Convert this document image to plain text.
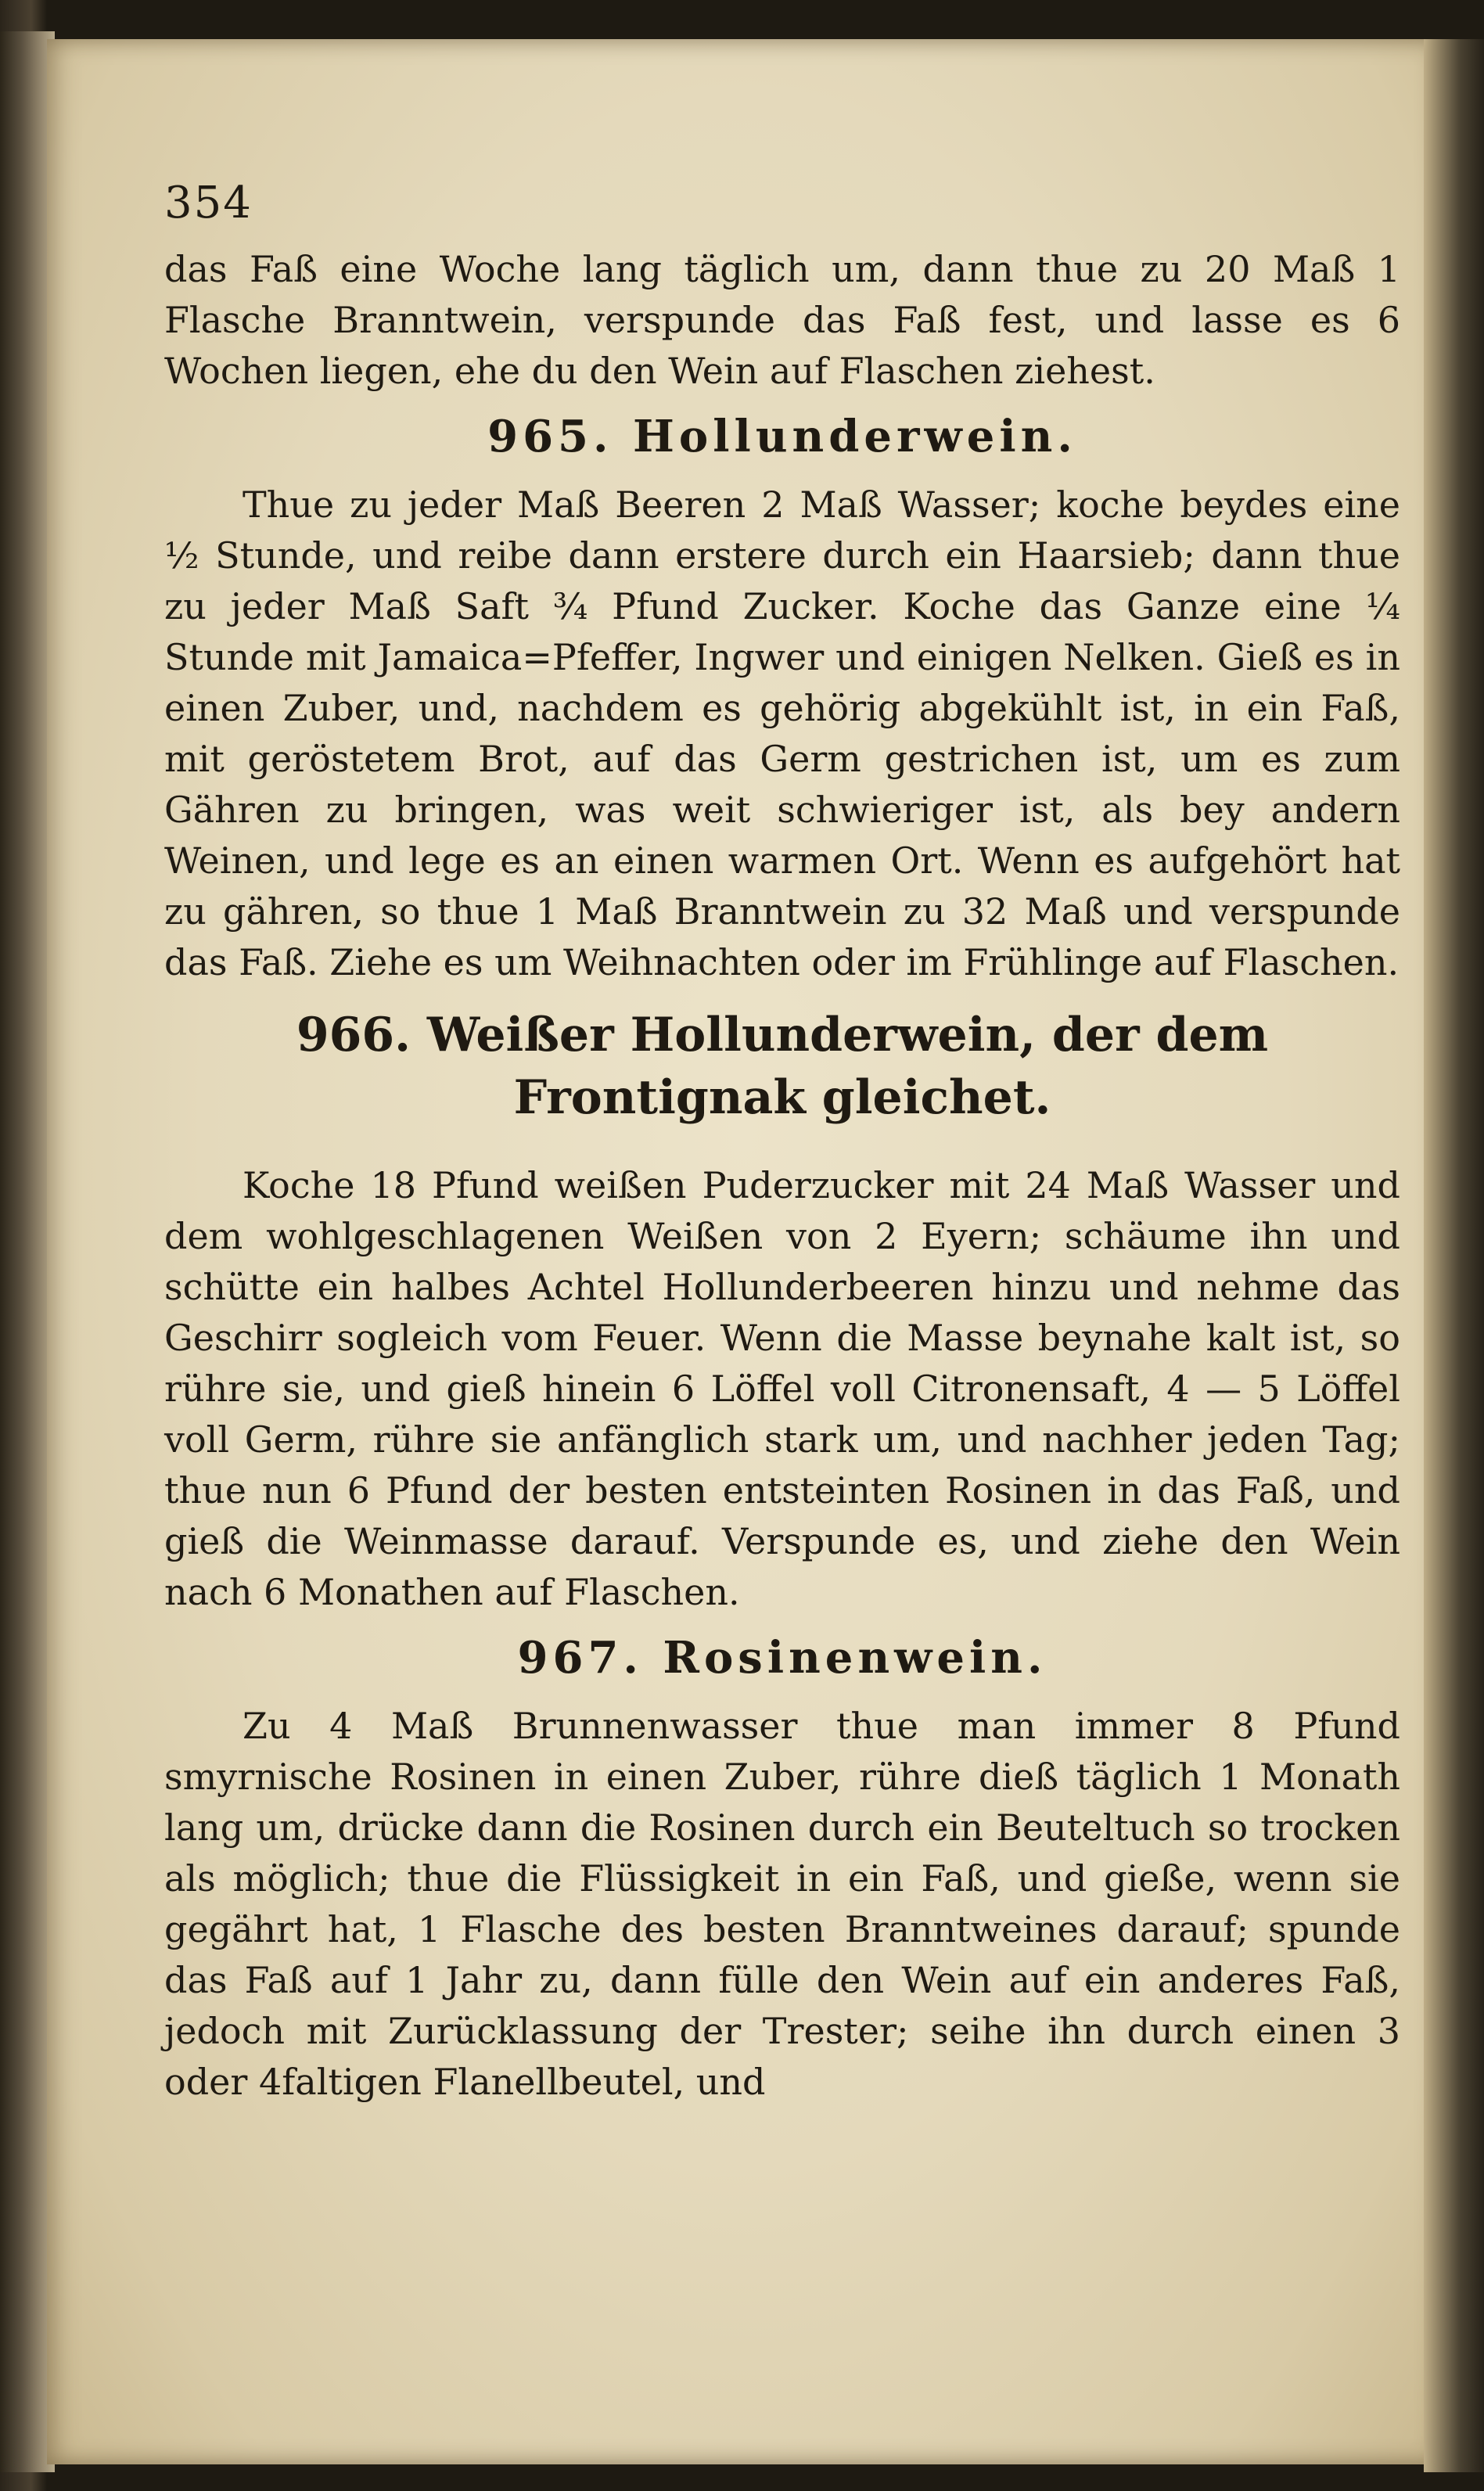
354

das Faß eine Woche lang täglich um, dann thue zu 20 Maß 1 Flasche Branntwein, verspunde das Faß fest, und lasse es 6 Wochen liegen, ehe du den Wein auf Flaschen ziehest.

965. Hollunderwein.

Thue zu jeder Maß Beeren 2 Maß Wasser; koche beydes eine ½ Stunde, und reibe dann erstere durch ein Haarsieb; dann thue zu jeder Maß Saft ¾ Pfund Zucker. Koche das Ganze eine ¼ Stunde mit Jamaica=Pfeffer, Ingwer und einigen Nelken. Gieß es in einen Zuber, und, nachdem es gehörig abgekühlt ist, in ein Faß, mit geröstetem Brot, auf das Germ gestrichen ist, um es zum Gähren zu bringen, was weit schwieriger ist, als bey andern Weinen, und lege es an einen warmen Ort. Wenn es aufgehört hat zu gähren, so thue 1 Maß Branntwein zu 32 Maß und verspunde das Faß. Ziehe es um Weihnachten oder im Frühlinge auf Flaschen.

966. Weißer Hollunderwein, der dem Frontignak gleichet.

Koche 18 Pfund weißen Puderzucker mit 24 Maß Wasser und dem wohlgeschlagenen Weißen von 2 Eyern; schäume ihn und schütte ein halbes Achtel Hollunderbeeren hinzu und nehme das Geschirr sogleich vom Feuer. Wenn die Masse beynahe kalt ist, so rühre sie, und gieß hinein 6 Löffel voll Citronensaft, 4 — 5 Löffel voll Germ, rühre sie anfänglich stark um, und nachher jeden Tag; thue nun 6 Pfund der besten entsteinten Rosinen in das Faß, und gieß die Weinmasse darauf. Verspunde es, und ziehe den Wein nach 6 Monathen auf Flaschen.

967. Rosinenwein.

Zu 4 Maß Brunnenwasser thue man immer 8 Pfund smyrnische Rosinen in einen Zuber, rühre dieß täglich 1 Monath lang um, drücke dann die Rosinen durch ein Beuteltuch so trocken als möglich; thue die Flüssigkeit in ein Faß, und gieße, wenn sie gegährt hat, 1 Flasche des besten Branntweines darauf; spunde das Faß auf 1 Jahr zu, dann fülle den Wein auf ein anderes Faß, jedoch mit Zurücklassung der Trester; seihe ihn durch einen 3 oder 4faltigen Flanellbeutel, und
